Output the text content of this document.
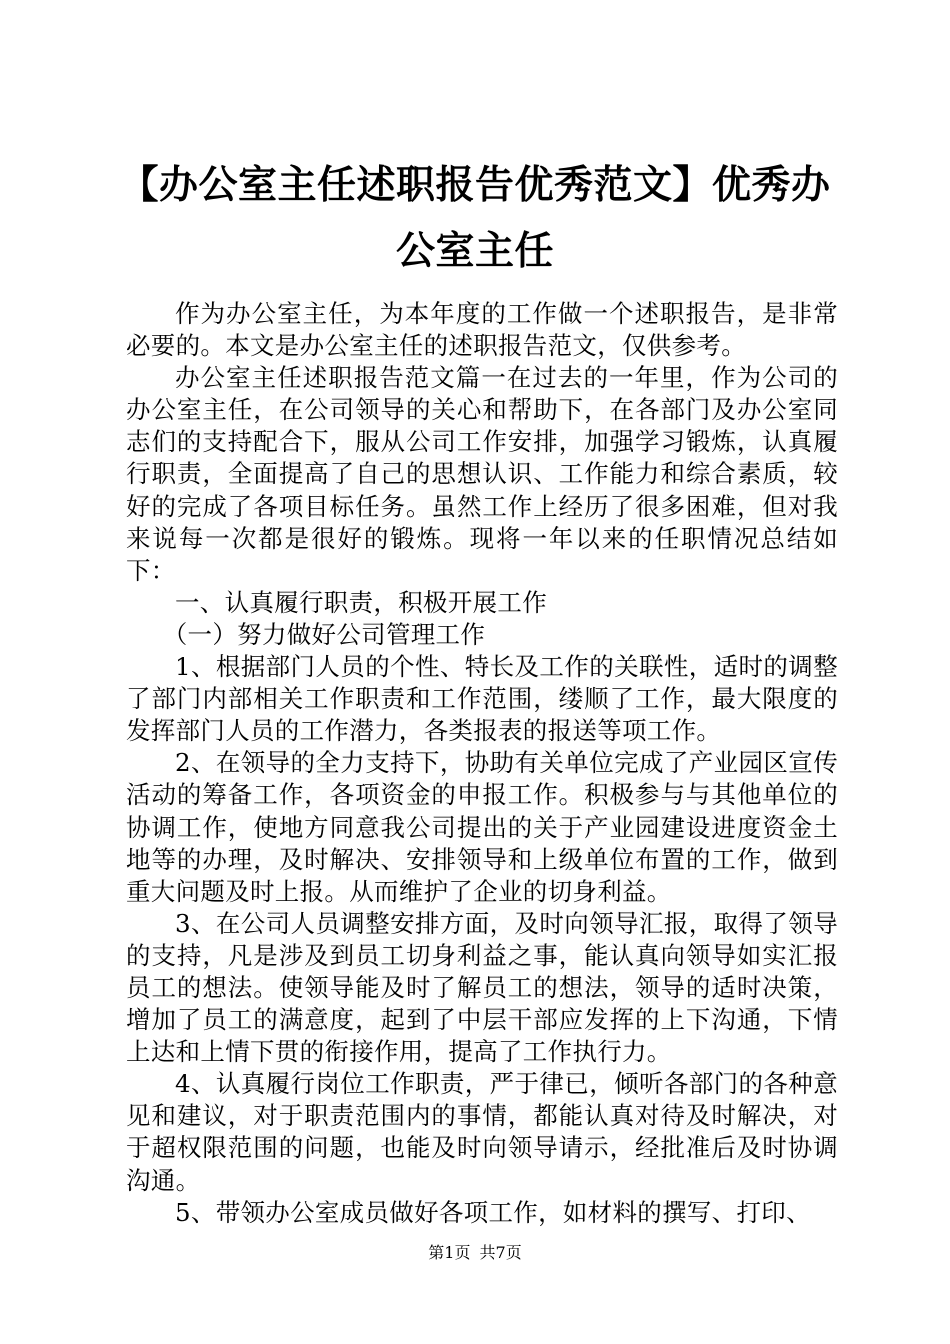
【办公室主任述职报告优秀范文】优秀办公室主任

作为办公室主任，为本年度的工作做一个述职报告，是非常必要的。本文是办公室主任的述职报告范文，仅供参考。

办公室主任述职报告范文篇一在过去的一年里，作为公司的办公室主任，在公司领导的关心和帮助下，在各部门及办公室同志们的支持配合下，服从公司工作安排，加强学习锻炼，认真履行职责，全面提高了自己的思想认识、工作能力和综合素质，较好的完成了各项目标任务。虽然工作上经历了很多困难，但对我来说每一次都是很好的锻炼。现将一年以来的任职情况总结如下：

一、认真履行职责，积极开展工作

（一）努力做好公司管理工作

1、根据部门人员的个性、特长及工作的关联性，适时的调整了部门内部相关工作职责和工作范围，缕顺了工作，最大限度的发挥部门人员的工作潜力，各类报表的报送等项工作。

2、在领导的全力支持下，协助有关单位完成了产业园区宣传活动的筹备工作，各项资金的申报工作。积极参与与其他单位的协调工作，使地方同意我公司提出的关于产业园建设进度资金土地等的办理，及时解决、安排领导和上级单位布置的工作，做到重大问题及时上报。从而维护了企业的切身利益。

3、在公司人员调整安排方面，及时向领导汇报，取得了领导的支持，凡是涉及到员工切身利益之事，能认真向领导如实汇报员工的想法。使领导能及时了解员工的想法，领导的适时决策，增加了员工的满意度，起到了中层干部应发挥的上下沟通，下情上达和上情下贯的衔接作用，提高了工作执行力。

4、认真履行岗位工作职责，严于律已，倾听各部门的各种意见和建议，对于职责范围内的事情，都能认真对待及时解决，对于超权限范围的问题，也能及时向领导请示，经批准后及时协调沟通。

5、带领办公室成员做好各项工作，如材料的撰写、打印、

第1页 共7页
